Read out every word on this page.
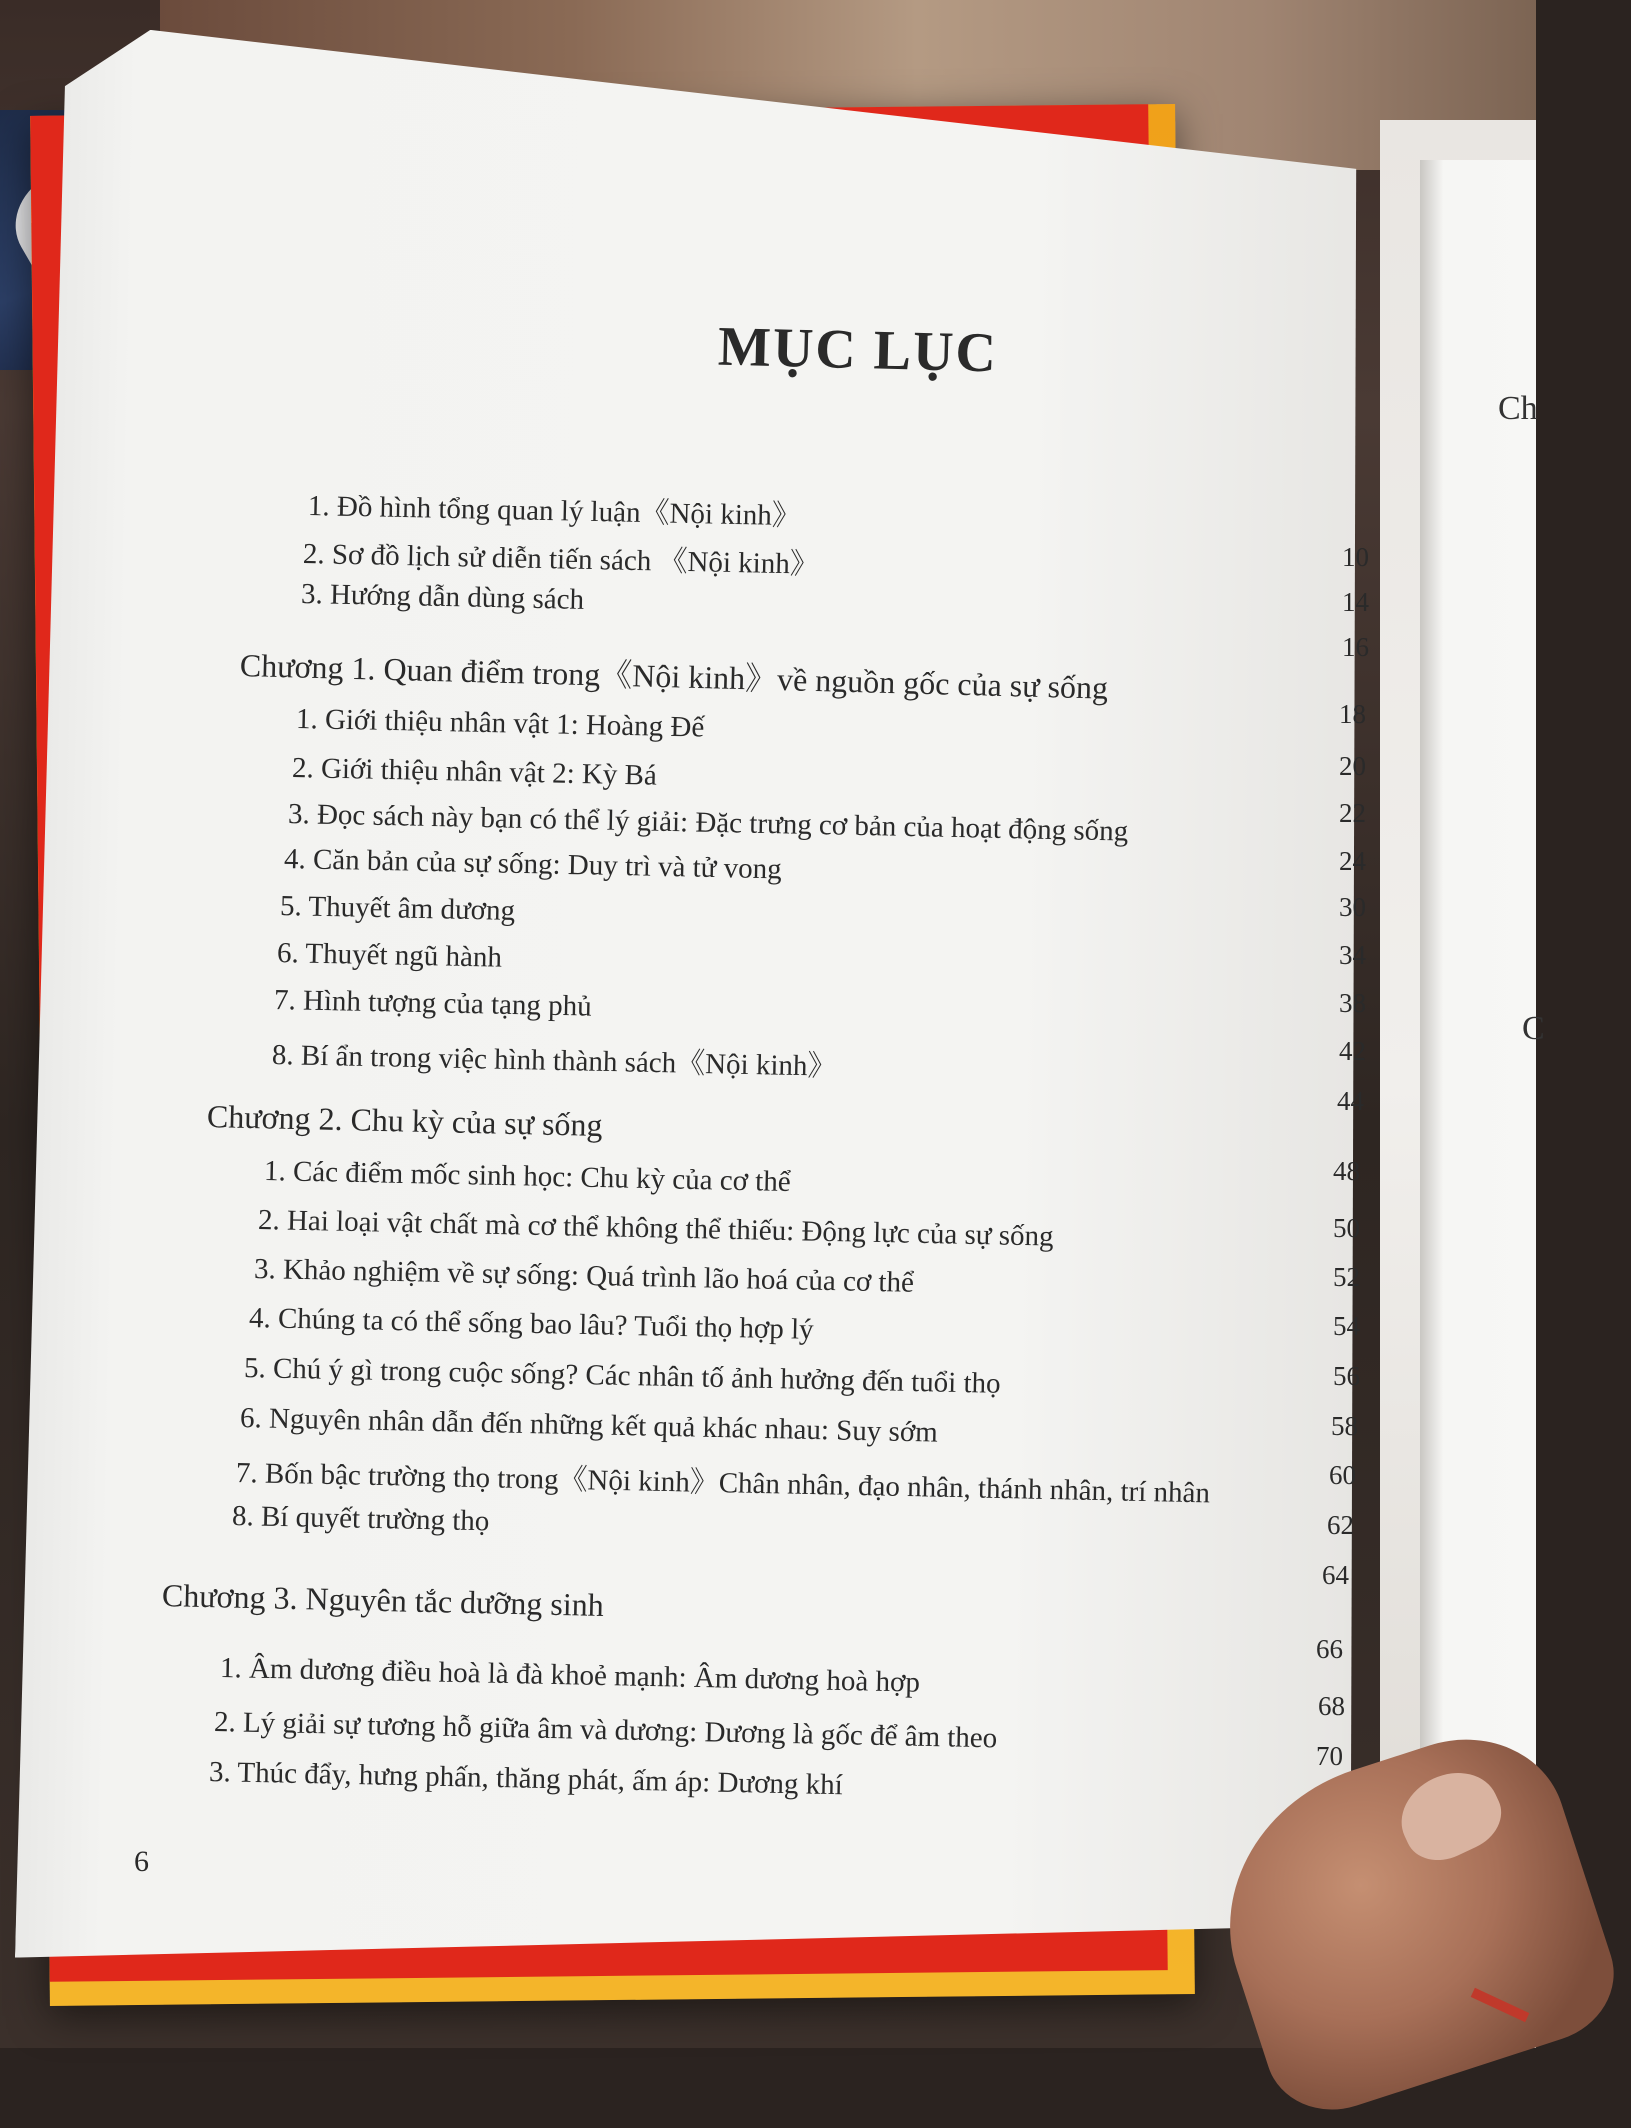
Ch
C
MỤC LỤC
1. Đồ hình tổng quan lý luận《Nội kinh》
2. Sơ đồ lịch sử diễn tiến sách 《Nội kinh》
3. Hướng dẫn dùng sách
Chương 1. Quan điểm trong《Nội kinh》về nguồn gốc của sự sống
1. Giới thiệu nhân vật 1: Hoàng Đế
2. Giới thiệu nhân vật 2: Kỳ Bá
3. Đọc sách này bạn có thể lý giải: Đặc trưng cơ bản của hoạt động sống
4. Căn bản của sự sống: Duy trì và tử vong
5. Thuyết âm dương
6. Thuyết ngũ hành
7. Hình tượng của tạng phủ
8. Bí ẩn trong việc hình thành sách《Nội kinh》
Chương 2. Chu kỳ của sự sống
1. Các điểm mốc sinh học: Chu kỳ của cơ thể
2. Hai loại vật chất mà cơ thể không thể thiếu: Động lực của sự sống
3. Khảo nghiệm về sự sống: Quá trình lão hoá của cơ thể
4. Chúng ta có thể sống bao lâu? Tuổi thọ hợp lý
5. Chú ý gì trong cuộc sống? Các nhân tố ảnh hưởng đến tuổi thọ
6. Nguyên nhân dẫn đến những kết quả khác nhau: Suy sớm
7. Bốn bậc trường thọ trong《Nội kinh》Chân nhân, đạo nhân, thánh nhân, trí nhân
8. Bí quyết trường thọ
Chương 3. Nguyên tắc dưỡng sinh
1. Âm dương điều hoà là đà khoẻ mạnh: Âm dương hoà hợp
2. Lý giải sự tương hỗ giữa âm và dương: Dương là gốc để âm theo
3. Thúc đẩy, hưng phấn, thăng phát, ấm áp: Dương khí
10
14
16
18
20
22
24
30
34
38
42
44
48
50
52
54
56
58
60
62
64
66
68
70
6
